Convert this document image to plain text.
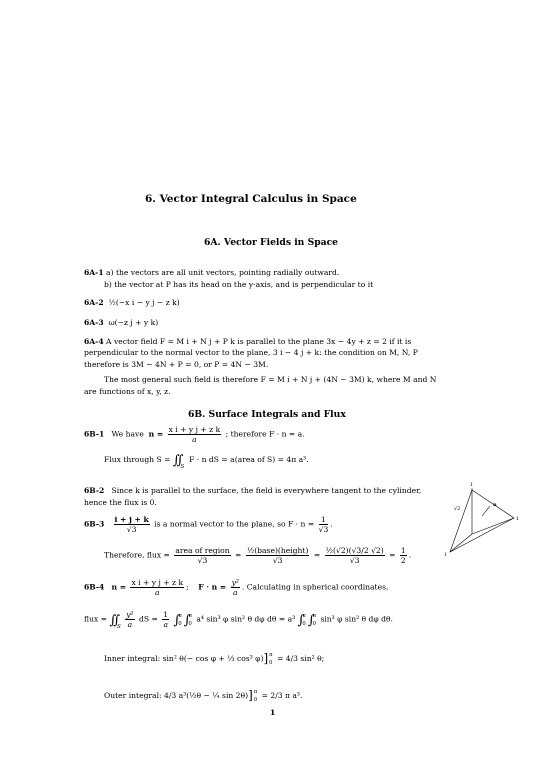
6. Vector Integral Calculus in Space
6A. Vector Fields in Space
6A-1 a) the vectors are all unit vectors, pointing radially outward.
b) the vector at P has its head on the y-axis, and is perpendicular to it
6A-2 ½(−x i − y j − z k)
6A-3 ω(−z j + y k)
6A-4 A vector field F = M i + N j + P k is parallel to the plane 3x − 4y + z = 2 if it is
perpendicular to the normal vector to the plane, 3 i − 4 j + k: the condition on M, N, P
therefore is 3M − 4N + P = 0, or P = 4N − 3M.
The most general such field is therefore F = M i + N j + (4N − 3M) k, where M and N
are functions of x, y, z.
6B. Surface Integrals and Flux
6B-1 We have $n = \frac{\text{x i + y j + z k}}{a}$ ; therefore F · n = a.
Flux through $S = \int\int_S$  F · n dS = a(area of S) = 4π a³.
6B-2 Since k is parallel to the surface, the field is everywhere tangent to the cylinder,
hence the flux is 0.
$6B-3 \frac{i + j + k}{√3}$ is a normal vector to the plane, so $F \cdot n = \frac{1}{√3}$ .
Therefore, flux = $\frac{\text{area of region}}{√3} = \frac{\text{½(base)(height)}}{√3} = \frac{\text{½(√2)(√3/2 √2)}}{√3} = \frac{1}{2}$ .
1
n
√2
1
1
6B-4 $n = \frac{\text{x i + y j + z k}}{a}$ ;    $F \cdot n = \frac{\text{y²}}{a}$ . Calculating in spherical coordinates,
flux = $\int\int_S \frac{\text{y²}}{a}$ dS = $\frac{1}{a} \int\pi$
0 ∫π
0 a⁴ sin³ φ sin² θ dφ dθ = a³ ∫π
0 ∫π
0 sin³ φ sin² θ dφ dθ.
Inner integral: sin² θ(− cos φ + ⅓ cos³ φ)]π
0 = 4/3 sin² θ;
Outer integral: 4/3 a³(½θ − ¼ sin 2θ)]π
0 = 2/3 π a³.
1
